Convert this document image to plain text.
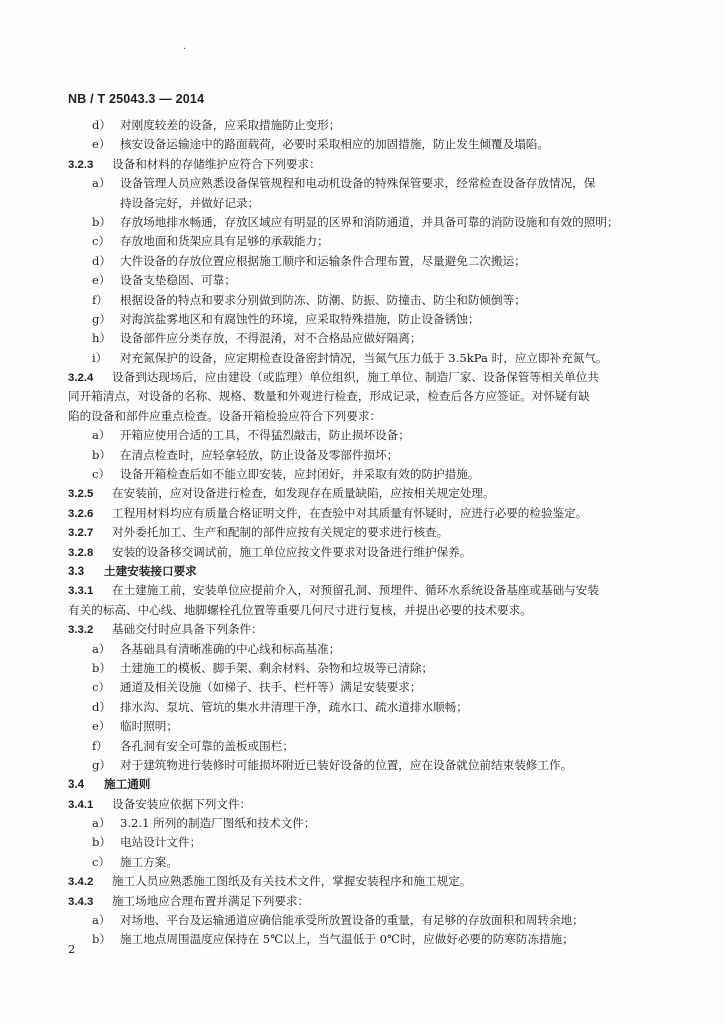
·
NB / T 25043.3 — 2014
d） 对刚度较差的设备，应采取措施防止变形；
e） 核安设备运输途中的路面载荷，必要时采取相应的加固措施，防止发生倾覆及塌陷。
3.2.3 设备和材料的存储维护应符合下列要求：
a） 设备管理人员应熟悉设备保管规程和电动机设备的特殊保管要求，经常检查设备存放情况，保
持设备完好，并做好记录；
b） 存放场地排水畅通，存放区域应有明显的区界和消防通道，并具备可靠的消防设施和有效的照明；
c） 存放地面和货架应具有足够的承载能力；
d） 大件设备的存放位置应根据施工顺序和运输条件合理布置，尽量避免二次搬运；
e） 设备支垫稳固、可靠；
f） 根据设备的特点和要求分别做到防冻、防潮、防振、防撞击、防尘和防倾倒等；
g） 对海滨盐雾地区和有腐蚀性的环境，应采取特殊措施，防止设备锈蚀；
h） 设备部件应分类存放，不得混淆，对不合格品应做好隔离；
i） 对充氮保护的设备，应定期检查设备密封情况，当氮气压力低于 3.5kPa 时，应立即补充氮气。
3.2.4 设备到达现场后，应由建设（或监理）单位组织，施工单位、制造厂家、设备保管等相关单位共
同开箱清点，对设备的名称、规格、数量和外观进行检查，形成记录，检查后各方应签证。对怀疑有缺
陷的设备和部件应重点检查。设备开箱检验应符合下列要求：
a） 开箱应使用合适的工具，不得猛烈敲击，防止损坏设备；
b） 在清点检查时，应轻拿轻放，防止设备及零部件损坏；
c） 设备开箱检查后如不能立即安装，应封闭好，并采取有效的防护措施。
3.2.5 在安装前，应对设备进行检查，如发现存在质量缺陷，应按相关规定处理。
3.2.6 工程用材料均应有质量合格证明文件，在查验中对其质量有怀疑时，应进行必要的检验鉴定。
3.2.7 对外委托加工、生产和配制的部件应按有关规定的要求进行核查。
3.2.8 安装的设备移交调试前，施工单位应按文件要求对设备进行维护保养。
3.3 土建安装接口要求
3.3.1 在土建施工前，安装单位应提前介入，对预留孔洞、预埋件、循环水系统设备基座或基础与安装
有关的标高、中心线、地脚螺栓孔位置等重要几何尺寸进行复核，并提出必要的技术要求。
3.3.2 基础交付时应具备下列条件：
a） 各基础具有清晰准确的中心线和标高基准；
b） 土建施工的模板、脚手架、剩余材料、杂物和垃圾等已清除；
c） 通道及相关设施（如梯子、扶手、栏杆等）满足安装要求；
d） 排水沟、泵坑、管坑的集水井清理干净，疏水口、疏水道排水顺畅；
e） 临时照明；
f） 各孔洞有安全可靠的盖板或围栏；
g） 对于建筑物进行装修时可能损坏附近已装好设备的位置，应在设备就位前结束装修工作。
3.4 施工通则
3.4.1 设备安装应依据下列文件：
a） 3.2.1 所列的制造厂图纸和技术文件；
b） 电站设计文件；
c） 施工方案。
3.4.2 施工人员应熟悉施工图纸及有关技术文件，掌握安装程序和施工规定。
3.4.3 施工场地应合理布置并满足下列要求：
a） 对场地、平台及运输通道应确信能承受所放置设备的重量，有足够的存放面积和周转余地；
b） 施工地点周围温度应保持在 5℃以上，当气温低于 0℃时，应做好必要的防寒防冻措施；
2
